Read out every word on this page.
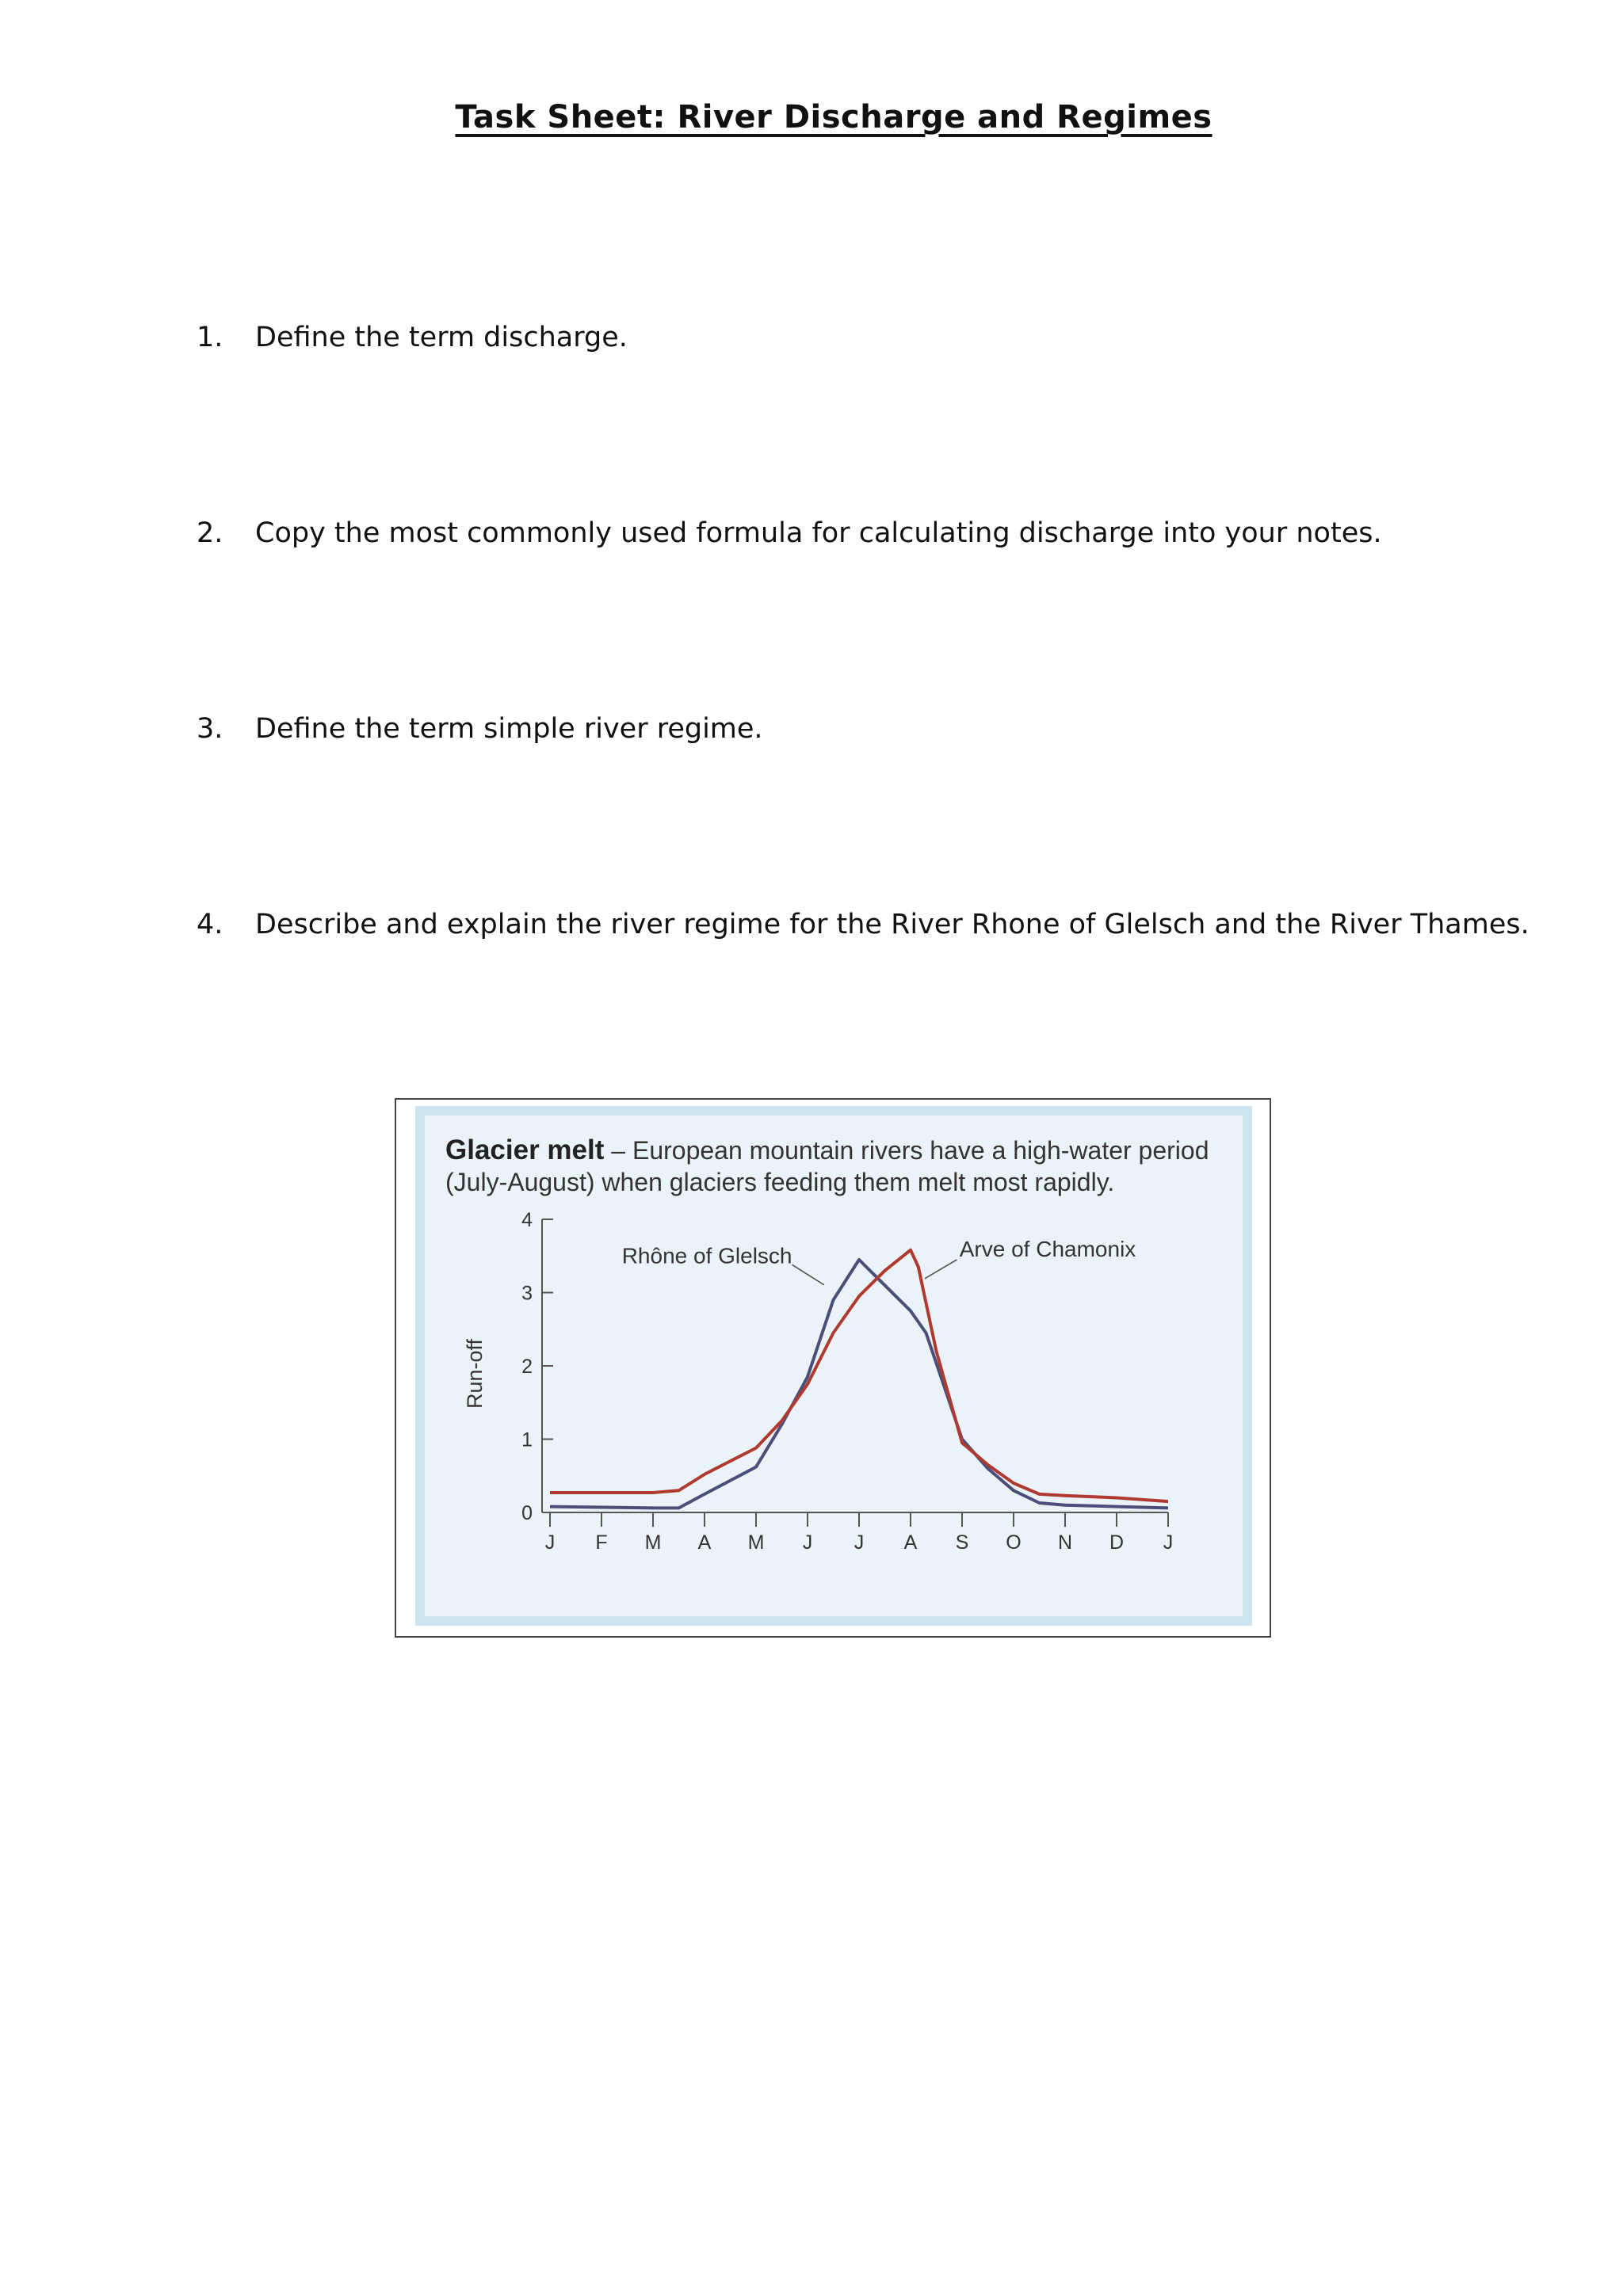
Task Sheet: River Discharge and Regimes
1.	Define the term discharge.
2.	Copy the most commonly used formula for calculating discharge into your notes.
3.	Define the term simple river regime.
4.	Describe and explain the river regime for the River Rhone of Glelsch and the River Thames.
Glacier melt – European mountain rivers have a high-water period (July-August) when glaciers feeding them melt most rapidly.
0
1
2
3
4
Run-off
J F M A M J J A S O N D J
Rhône of Glelsch	Arve of Chamonix
